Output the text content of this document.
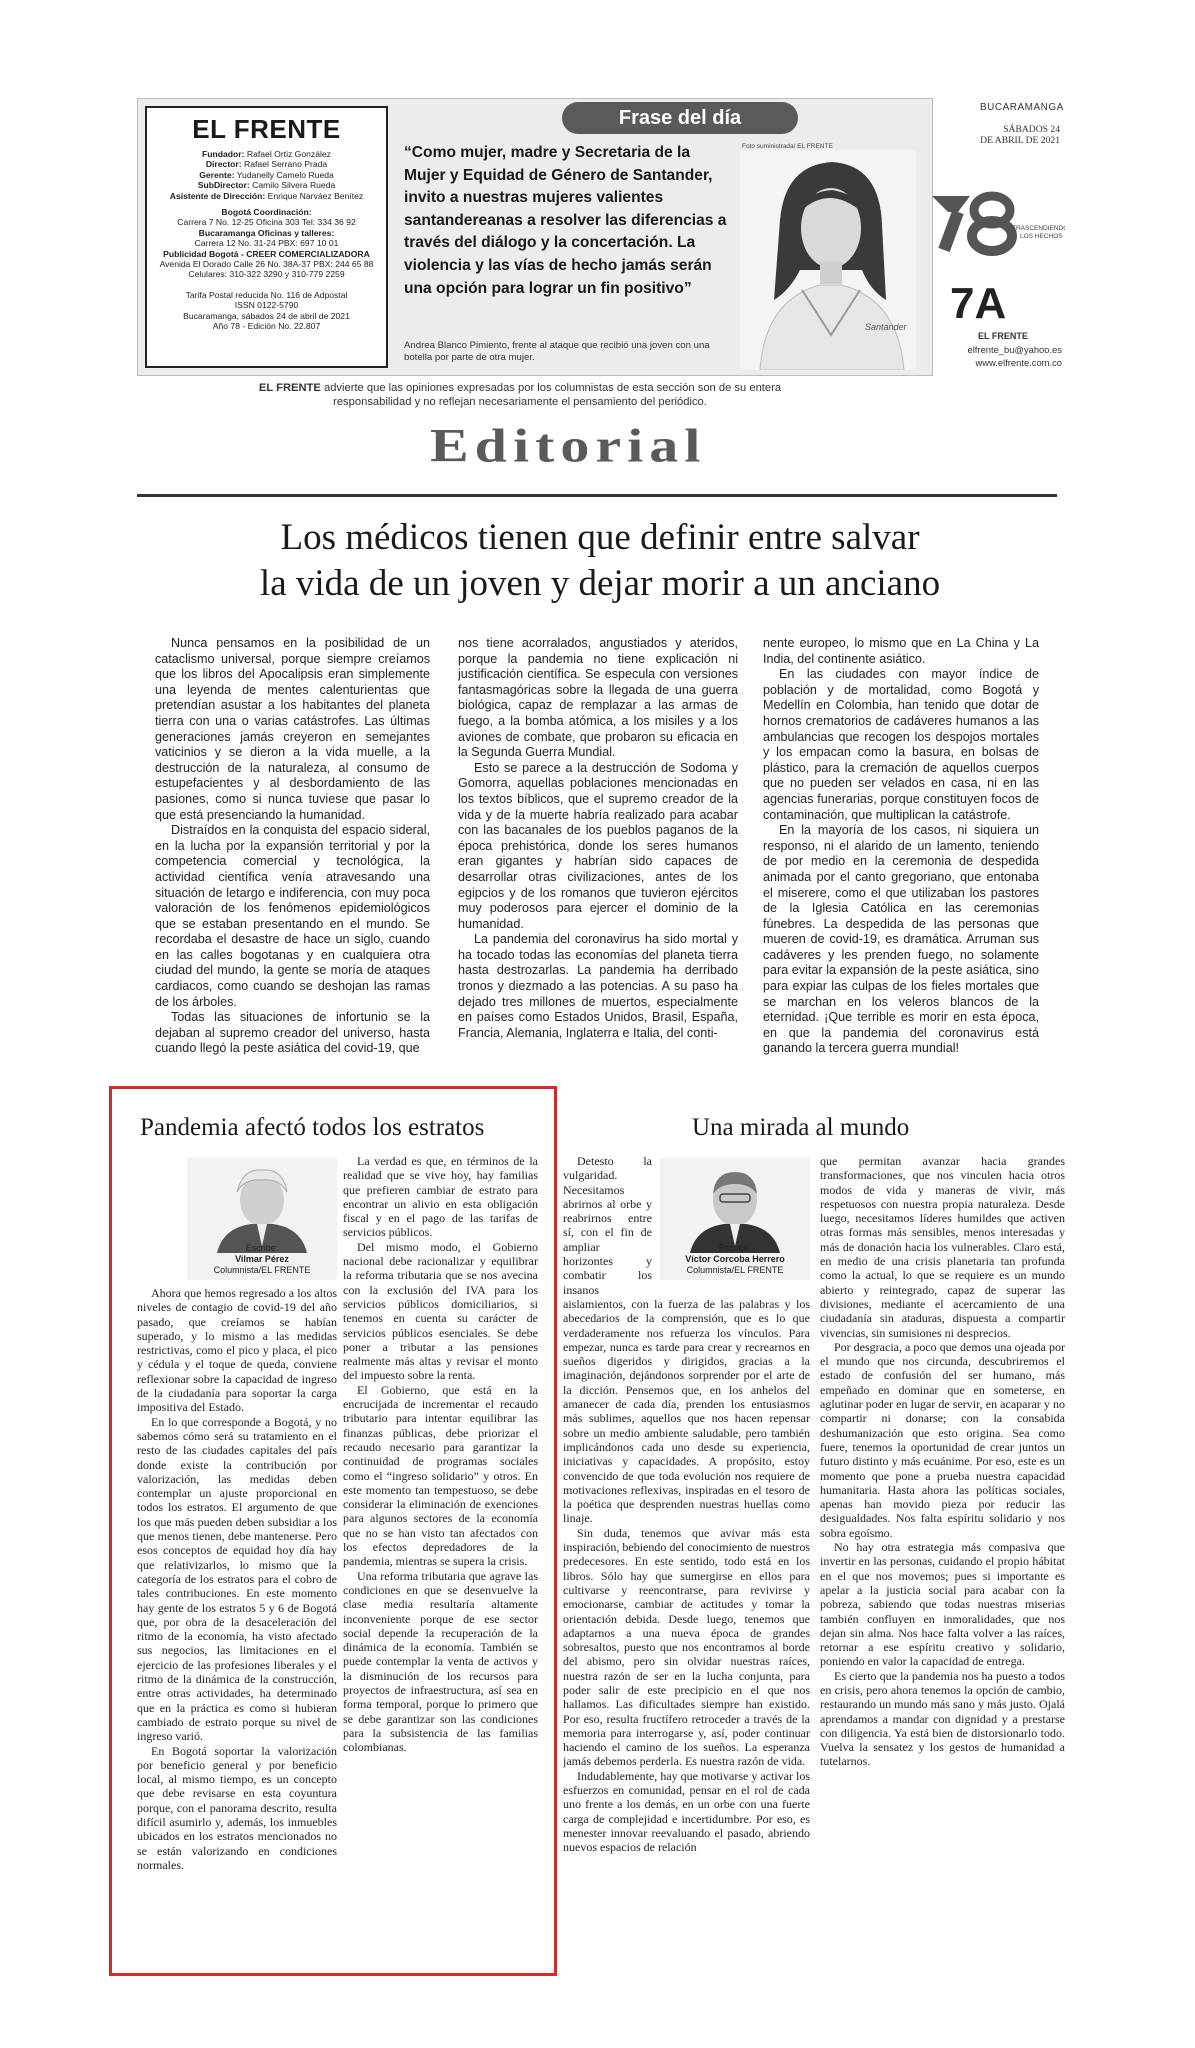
EL FRENTE
Fundador: Rafael Ortiz González
Director: Rafael Serrano Prada
Gerente: Yudanelly Camelo Rueda
SubDirector: Camilo Silvera Rueda
Asistente de Dirección: Enrique Narváez Benítez
Bogotá Coordinación:
Carrera 7 No. 12-25 Oficina 303 Tel: 334 36 92
Bucaramanga Oficinas y talleres:
Carrera 12 No. 31-24 PBX: 697 10 01
Publicidad Bogotá - CREER COMERCIALIZADORA
Avenida El Dorado Calle 26 No. 38A-37 PBX: 244 65 88
Celulares: 310-322 3290 y 310-779 2259
Tarifa Postal reducida No. 116 de Adpostal
ISSN 0122-5790
Bucaramanga, sábados 24 de abril de 2021
Año 78 - Edición No. 22.807
Frase del día
“Como mujer, madre y Secretaria de la Mujer y Equidad de Género de Santander, invito a nuestras mujeres valientes santandereanas a resolver las diferencias a través del diálogo y la concertación. La violencia y las vías de hecho jamás serán una opción para lograr un fin positivo”
Andrea Blanco Pimiento, frente al ataque que recibió una joven con una botella por parte de otra mujer.
Santander
Foto suministrada/ EL FRENTE
BUCARAMANGA
SÁBADOS 24
DE ABRIL DE 2021
TRASCENDIENDO
LOS HECHOS
7A
EL FRENTE
elfrente_bu@yahoo.es
www.elfrente.com.co
EL FRENTE advierte que las opiniones expresadas por los columnistas de esta sección son de su entera responsabilidad y no reflejan necesariamente el pensamiento del periódico.
Editorial
Los médicos tienen que definir entre salvar
la vida de un joven y dejar morir a un anciano

Nunca pensamos en la posibilidad de un cataclismo universal, porque siempre creíamos que los libros del Apocalipsis eran simplemente una leyenda de mentes calenturientas que pretendían asustar a los habitantes del planeta tierra con una o varias catástrofes. Las últimas generaciones jamás creyeron en semejantes vaticinios y se dieron a la vida muelle, a la destrucción de la naturaleza, al consumo de estupefacientes y al desbordamiento de las pasiones, como si nunca tuviese que pasar lo que está presenciando la humanidad.

Distraídos en la conquista del espacio sideral, en la lucha por la expansión territorial y por la competencia comercial y tecnológica, la actividad científica venía atravesando una situación de letargo e indiferencia, con muy poca valoración de los fenómenos epidemiológicos que se estaban presentando en el mundo. Se recordaba el desastre de hace un siglo, cuando en las calles bogotanas y en cualquiera otra ciudad del mundo, la gente se moría de ataques cardiacos, como cuando se deshojan las ramas de los árboles.

Todas las situaciones de infortunio se la dejaban al supremo creador del universo, hasta cuando llegó la peste asiática del covid-19, que

nos tiene acorralados, angustiados y ateridos, porque la pandemia no tiene explicación ni justificación científica. Se especula con versiones fantasmagóricas sobre la llegada de una guerra biológica, capaz de remplazar a las armas de fuego, a la bomba atómica, a los misiles y a los aviones de combate, que probaron su eficacia en la Segunda Guerra Mundial.

Esto se parece a la destrucción de Sodoma y Gomorra, aquellas poblaciones mencionadas en los textos bíblicos, que el supremo creador de la vida y de la muerte habría realizado para acabar con las bacanales de los pueblos paganos de la época prehistórica, donde los seres humanos eran gigantes y habrían sido capaces de desarrollar otras civilizaciones, antes de los egipcios y de los romanos que tuvieron ejércitos muy poderosos para ejercer el dominio de la humanidad.

La pandemia del coronavirus ha sido mortal y ha tocado todas las economías del planeta tierra hasta destrozarlas. La pandemia ha derribado tronos y diezmado a las potencias. A su paso ha dejado tres millones de muertos, especialmente en países como Estados Unidos, Brasil, España, Francia, Alemania, Inglaterra e Italia, del conti-

nente europeo, lo mismo que en La China y La India, del continente asiático.

En las ciudades con mayor índice de población y de mortalidad, como Bogotá y Medellín en Colombia, han tenido que dotar de hornos crematorios de cadáveres humanos a las ambulancias que recogen los despojos mortales y los empacan como la basura, en bolsas de plástico, para la cremación de aquellos cuerpos que no pueden ser velados en casa, ni en las agencias funerarias, porque constituyen focos de contaminación, que multiplican la catástrofe.

En la mayoría de los casos, ni siquiera un responso, ni el alarido de un lamento, teniendo de por medio en la ceremonia de despedida animada por el canto gregoriano, que entonaba el miserere, como el que utilizaban los pastores de la Iglesia Católica en las ceremonias fúnebres. La despedida de las personas que mueren de covid-19, es dramática. Arruman sus cadáveres y les prenden fuego, no solamente para evitar la expansión de la peste asiática, sino para expiar las culpas de los fieles mortales que se marchan en los veleros blancos de la eternidad. ¡Que terrible es morir en esta época, en que la pandemia del coronavirus está ganando la tercera guerra mundial!

Pandemia afectó todos los estratos	Una mirada al mundo
Escribe:
Vilmar Pérez
Columnista/EL FRENTE

Ahora que hemos regresado a los altos niveles de contagio de covid-19 del año pasado, que creíamos se habían superado, y lo mismo a las medidas restrictivas, como el pico y placa, el pico y cédula y el toque de queda, conviene reflexionar sobre la capacidad de ingreso de la ciudadanía para soportar la carga impositiva del Estado.

En lo que corresponde a Bogotá, y no sabemos cómo será su tratamiento en el resto de las ciudades capitales del país donde existe la contribución por valorización, las medidas deben contemplar un ajuste proporcional en todos los estratos. El argumento de que los que más pueden deben subsidiar a los que menos tienen, debe mantenerse. Pero esos conceptos de equidad hoy día hay que relativizarlos, lo mismo que la categoría de los estratos para el cobro de tales contribuciones. En este momento hay gente de los estratos 5 y 6 de Bogotá que, por obra de la desaceleración del ritmo de la economía, ha visto afectado sus negocios, las limitaciones en el ejercicio de las profesiones liberales y el ritmo de la dinámica de la construcción, entre otras actividades, ha determinado que en la práctica es como si hubieran cambiado de estrato porque su nivel de ingreso varió.

En Bogotá soportar la valorización por beneficio general y por beneficio local, al mismo tiempo, es un concepto que debe revisarse en esta coyuntura porque, con el panorama descrito, resulta difícil asumirlo y, además, los inmuebles ubicados en los estratos mencionados no se están valorizando en condiciones normales.

La verdad es que, en términos de la realidad que se vive hoy, hay familias que prefieren cambiar de estrato para encontrar un alivio en esta obligación fiscal y en el pago de las tarifas de servicios públicos.

Del mismo modo, el Gobierno nacional debe racionalizar y equilibrar la reforma tributaria que se nos avecina con la exclusión del IVA para los servicios públicos domiciliarios, si tenemos en cuenta su carácter de servicios públicos esenciales. Se debe poner a tributar a las pensiones realmente más altas y revisar el monto del impuesto sobre la renta.

El Gobierno, que está en la encrucijada de incrementar el recaudo tributario para intentar equilibrar las finanzas públicas, debe priorizar el recaudo necesario para garantizar la continuidad de programas sociales como el “ingreso solidario” y otros. En este momento tan tempestuoso, se debe considerar la eliminación de exenciones para algunos sectores de la economía que no se han visto tan afectados con los efectos depredadores de la pandemia, mientras se supera la crisis.

Una reforma tributaria que agrave las condiciones en que se desenvuelve la clase media resultaría altamente inconveniente porque de ese sector social depende la recuperación de la dinámica de la economía. También se puede contemplar la venta de activos y la disminución de los recursos para proyectos de infraestructura, así sea en forma temporal, porque lo primero que se debe garantizar son las condiciones para la subsistencia de las familias colombianas.

Escribe:
Víctor Corcoba Herrero
Columnista/EL FRENTE

Detesto la vulgaridad. Necesitamos abrirnos al orbe y reabrirnos entre sí, con el fin de ampliar horizontes y combatir los insanos aislamientos, con la fuerza de las palabras y los abecedarios de la comprensión, que es lo que verdaderamente nos refuerza los vínculos. Para empezar, nunca es tarde para crear y recrearnos en sueños digeridos y dirigidos, gracias a la imaginación, dejándonos sorprender por el arte de la dicción. Pensemos que, en los anhelos del amanecer de cada día, prenden los entusiasmos más sublimes, aquellos que nos hacen repensar sobre un medio ambiente saludable, pero también implicándonos cada uno desde su experiencia, iniciativas y capacidades. A propósito, estoy convencido de que toda evolución nos requiere de motivaciones reflexivas, inspiradas en el tesoro de la poética que desprenden nuestras huellas como linaje.

Sin duda, tenemos que avivar más esta inspiración, bebiendo del conocimiento de nuestros predecesores. En este sentido, todo está en los libros. Sólo hay que sumergirse en ellos para cultivarse y reencontrarse, para revivirse y emocionarse, cambiar de actitudes y tomar la orientación debida. Desde luego, tenemos que adaptarnos a una nueva época de grandes sobresaltos, puesto que nos encontramos al borde del abismo, pero sin olvidar nuestras raíces, nuestra razón de ser en la lucha conjunta, para poder salir de este precipicio en el que nos hallamos. Las dificultades siempre han existido. Por eso, resulta fructífero retroceder a través de la memoria para interrogarse y, así, poder continuar haciendo el camino de los sueños. La esperanza jamás debemos perderla. Es nuestra razón de vida.

Indudablemente, hay que motivarse y activar los esfuerzos en comunidad, pensar en el rol de cada uno frente a los demás, en un orbe con una fuerte carga de complejidad e incertidumbre. Por eso, es menester innovar reevaluando el pasado, abriendo nuevos espacios de relación

que permitan avanzar hacia grandes transformaciones, que nos vinculen hacia otros modos de vida y maneras de vivir, más respetuosos con nuestra propia naturaleza. Desde luego, necesitamos líderes humildes que activen otras formas más sensibles, menos interesadas y más de donación hacia los vulnerables. Claro está, en medio de una crisis planetaria tan profunda como la actual, lo que se requiere es un mundo abierto y reintegrado, capaz de superar las divisiones, mediante el acercamiento de una ciudadanía sin ataduras, dispuesta a compartir vivencias, sin sumisiones ni desprecios.

Por desgracia, a poco que demos una ojeada por el mundo que nos circunda, descubriremos el estado de confusión del ser humano, más empeñado en dominar que en someterse, en aglutinar poder en lugar de servir, en acaparar y no compartir ni donarse; con la consabida deshumanización que esto origina. Sea como fuere, tenemos la oportunidad de crear juntos un futuro distinto y más ecuánime. Por eso, este es un momento que pone a prueba nuestra capacidad humanitaria. Hasta ahora las políticas sociales, apenas han movido pieza por reducir las desigualdades. Nos falta espíritu solidario y nos sobra egoísmo.

No hay otra estrategia más compasiva que invertir en las personas, cuidando el propio hábitat en el que nos movemos; pues si importante es apelar a la justicia social para acabar con la pobreza, sabiendo que todas nuestras miserias también confluyen en inmoralidades, que nos dejan sin alma. Nos hace falta volver a las raíces, retornar a ese espíritu creativo y solidario, poniendo en valor la capacidad de entrega.

Es cierto que la pandemia nos ha puesto a todos en crisis, pero ahora tenemos la opción de cambio, restaurando un mundo más sano y más justo. Ojalá aprendamos a mandar con dignidad y a prestarse con diligencia. Ya está bien de distorsionarlo todo. Vuelva la sensatez y los gestos de humanidad a tutelarnos.
